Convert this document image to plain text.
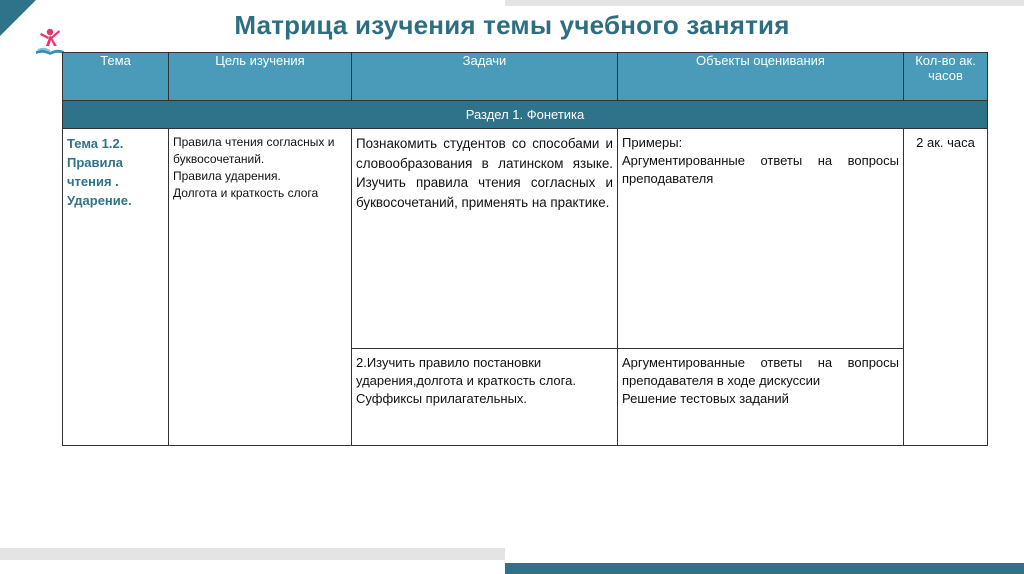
Матрица изучения темы учебного занятия
Тема	Цель изучения	Задачи	Объекты оценивания	Кол-во ак. часов
Раздел 1. Фонетика				

Тема 1.2.
Правила
чтения .
Ударение.	Правила чтения согласных и
буквосочетаний.
Правила ударения.
Долгота и краткость слога	Познакомить студентов со способами и словообразования в латинском языке. Изучить правила чтения согласных и буквосочетаний, применять на практике.	Примеры:
Аргументированные ответы на вопросы преподавателя	2 ак. часа

		2.Изучить правило постановки
ударения,долгота и краткость слога.
Суффиксы прилагательных.	Аргументированные ответы на вопросы преподавателя в ходе дискуссии
Решение тестовых заданий	
